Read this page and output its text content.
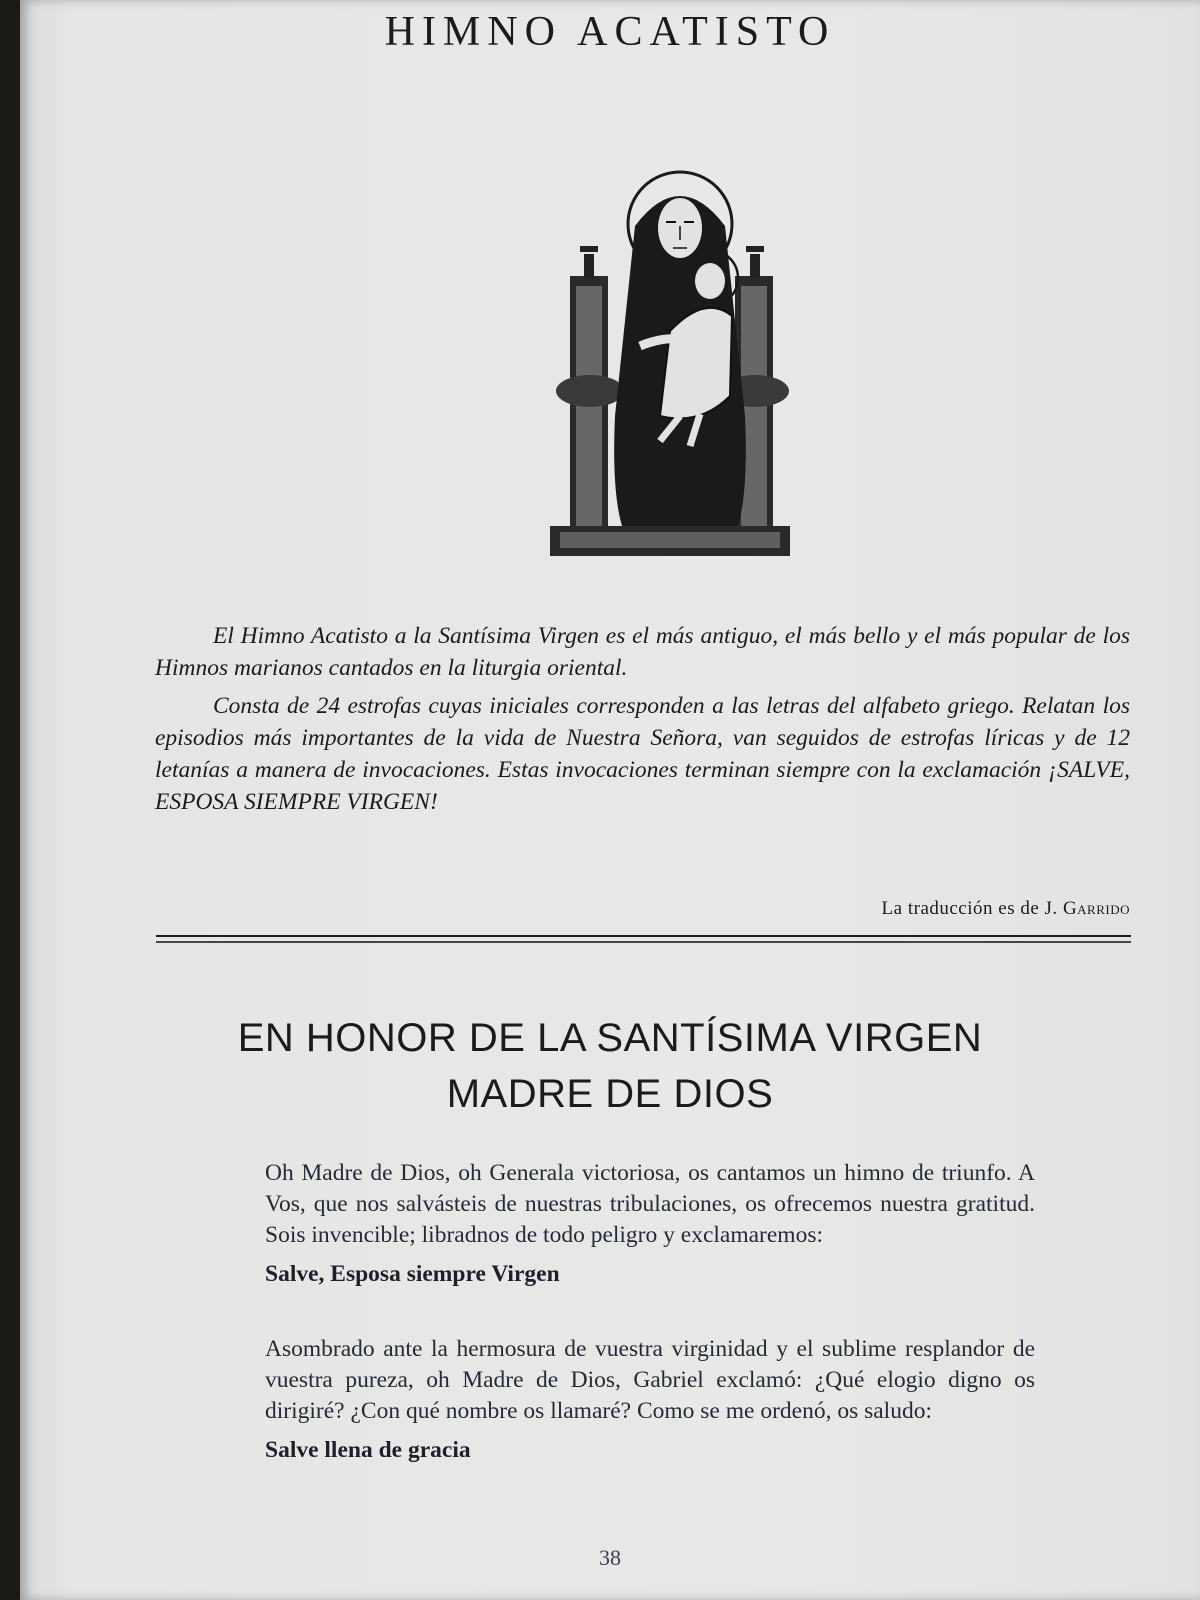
HIMNO ACATISTO

El Himno Acatisto a la Santísima Virgen es el más antiguo, el más bello y el más popular de los Himnos marianos cantados en la liturgia oriental.

Consta de 24 estrofas cuyas iniciales corresponden a las letras del alfabeto griego. Relatan los episodios más importantes de la vida de Nuestra Señora, van seguidos de estrofas líricas y de 12 letanías a manera de invocaciones. Estas invocaciones terminan siempre con la exclamación ¡SALVE, ESPOSA SIEMPRE VIRGEN!

La traducción es de J. Garrido
EN HONOR DE LA SANTÍSIMA VIRGEN
MADRE DE DIOS

Oh Madre de Dios, oh Generala victoriosa, os cantamos un himno de triunfo. A Vos, que nos salvásteis de nuestras tribulaciones, os ofrecemos nuestra gratitud. Sois invencible; libradnos de todo peligro y exclamaremos:

Salve, Esposa siempre Virgen

Asombrado ante la hermosura de vuestra virginidad y el sublime resplandor de vuestra pureza, oh Madre de Dios, Gabriel exclamó: ¿Qué elogio digno os dirigiré? ¿Con qué nombre os llamaré? Como se me ordenó, os saludo:

Salve llena de gracia

38
